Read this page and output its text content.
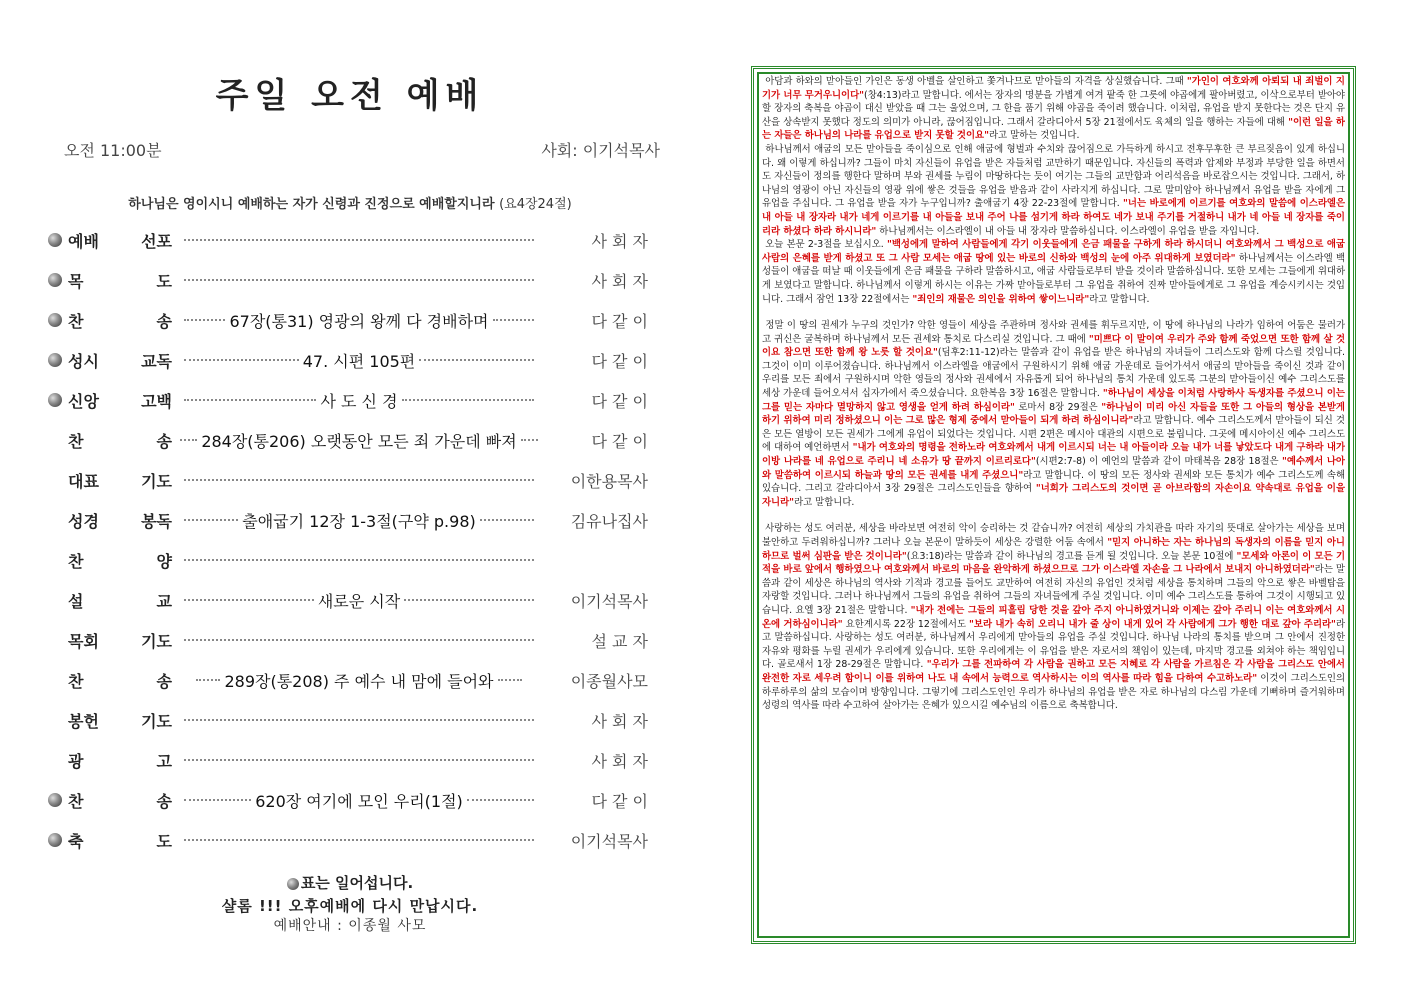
주일 오전 예배
오전 11:00분	사회: 이기석목사
하나님은 영이시니 예배하는 자가 신령과 진정으로 예배할지니라 (요4장24절)
예배	선포	사 회 자
목	도	사 회 자
찬	송	67장(통31) 영광의 왕께 다 경배하며	다 같 이
성시	교독	47. 시편 105편	다 같 이
신앙	고백	사 도 신 경	다 같 이
찬	송 284장(통206) 오랫동안 모든 죄 가운데 빠져	다 같 이
대표	기도	이한용목사
성경	봉독	출애굽기 12장 1-3절(구약 p.98)	김유나집사
찬	양
설	교	새로운 시작	이기석목사
목회	기도	설 교 자
찬	송	289장(통208) 주 예수 내 맘에 들어와	이종월사모
봉헌	기도	사 회 자
광	고	사 회 자
찬	송	620장 여기에 모인 우리(1절)	다 같 이
축	도	이기석목사
표는 일어섭니다.
샬롬 !!! 오후예배에 다시 만납시다.
예배안내 : 이종월 사모

아담과 하와의 맏아들인 가인은 동생 아벨을 살인하고 쫓겨나므로 맏아들의 자격을 상실했습니다. 그때 "가인이 여호와께 아뢰되 내 죄벌이 지기가 너무 무거우니이다"(창4:13)라고 말합니다. 에서는 장자의 명분을 가볍게 여겨 팥죽 한 그릇에 야곱에게 팔아버렸고, 이삭으로부터 받아야 할 장자의 축복을 야곱이 대신 받았을 때 그는 울었으며, 그 한을 품기 위해 야곱을 죽이려 했습니다. 이처럼, 유업을 받지 못한다는 것은 단지 유산을 상속받지 못했다 정도의 의미가 아니라, 끊어짐입니다. 그래서 갈라디아서 5장 21절에서도 육체의 일을 행하는 자들에 대해 "이런 일을 하는 자들은 하나님의 나라를 유업으로 받지 못할 것이요"라고 말하는 것입니다.

하나님께서 애굽의 모든 맏아들을 죽이심으로 인해 애굽에 형벌과 수치와 끊어짐으로 가득하게 하시고 전후무후한 큰 부르짖음이 있게 하십니다. 왜 이렇게 하십니까? 그들이 마치 자신들이 유업을 받은 자들처럼 교만하기 때문입니다. 자신들의 폭력과 압제와 부정과 부당한 일을 하면서도 자신들이 정의를 행한다 말하며 부와 권세를 누림이 마땅하다는 듯이 여기는 그들의 교만함과 어리석음을 바로잡으시는 것입니다. 그래서, 하나님의 영광이 아닌 자신들의 영광 위에 쌓은 것들을 유업을 받음과 같이 사라지게 하십니다. 그로 말미암아 하나님께서 유업을 받을 자에게 그 유업을 주십니다. 그 유업을 받을 자가 누구입니까? 출애굽기 4장 22-23절에 말합니다. "너는 바로에게 이르기를 여호와의 말씀에 이스라엘은 내 아들 내 장자라 내가 네게 이르기를 내 아들을 보내 주어 나를 섬기게 하라 하여도 네가 보내 주기를 거절하니 내가 네 아들 네 장자를 죽이리라 하셨다 하라 하시니라" 하나님께서는 이스라엘이 내 아들 내 장자라 말씀하십니다. 이스라엘이 유업을 받을 자입니다.

오늘 본문 2-3절을 보십시오. "백성에게 말하여 사람들에게 각기 이웃들에게 은금 패물을 구하게 하라 하시더니 여호와께서 그 백성으로 애굽 사람의 은혜를 받게 하셨고 또 그 사람 모세는 애굽 땅에 있는 바로의 신하와 백성의 눈에 아주 위대하게 보였더라" 하나님께서는 이스라엘 백성들이 애굽을 떠날 때 이웃들에게 은금 패물을 구하라 말씀하시고, 애굽 사람들로부터 받을 것이라 말씀하십니다. 또한 모세는 그들에게 위대하게 보였다고 말합니다. 하나님께서 이렇게 하시는 이유는 가짜 맏아들로부터 그 유업을 취하여 진짜 맏아들에게로 그 유업을 계승시키시는 것입니다. 그래서 잠언 13장 22절에서는 "죄인의 재물은 의인을 위하여 쌓이느니라"라고 말합니다.

정말 이 땅의 권세가 누구의 것인가? 악한 영들이 세상을 주관하며 정사와 권세를 휘두르지만, 이 땅에 하나님의 나라가 임하여 어둠은 물러가고 귀신은 굴복하며 하나님께서 모든 권세와 통치로 다스리실 것입니다. 그 때에 "미쁘다 이 말이여 우리가 주와 함께 죽었으면 또한 함께 살 것이요 참으면 또한 함께 왕 노릇 할 것이요"(딤후2:11-12)라는 말씀과 같이 유업을 받은 하나님의 자녀들이 그리스도와 함께 다스릴 것입니다. 그것이 이미 이루어졌습니다. 하나님께서 이스라엘을 애굽에서 구원하시기 위해 애굽 가운데로 들어가셔서 애굽의 맏아들을 죽이신 것과 같이 우리를 모든 죄에서 구원하시며 악한 영들의 정사와 권세에서 자유롭게 되어 하나님의 통치 가운데 있도록 그분의 맏아들이신 예수 그리스도를 세상 가운데 들어오셔서 십자가에서 죽으셨습니다. 요한복음 3장 16절은 말합니다. "하나님이 세상을 이처럼 사랑하사 독생자를 주셨으니 이는 그를 믿는 자마다 멸망하지 않고 영생을 얻게 하려 하심이라" 로마서 8장 29절은 "하나님이 미리 아신 자들을 또한 그 아들의 형상을 본받게 하기 위하여 미리 정하셨으니 이는 그로 많은 형제 중에서 맏아들이 되게 하려 하심이니라"라고 말합니다. 예수 그리스도께서 맏아들이 되신 것은 모든 열방이 모든 권세가 그에게 유업이 되었다는 것입니다. 시편 2편은 메시아 대관의 시편으로 불립니다. 그곳에 메시아이신 예수 그리스도에 대하여 예언하면서 "내가 여호와의 명령을 전하노라 여호와께서 내게 이르시되 너는 내 아들이라 오늘 내가 너를 낳았도다 내게 구하라 내가 이방 나라를 네 유업으로 주리니 네 소유가 땅 끝까지 이르리로다"(시편2:7-8) 이 예언의 말씀과 같이 마태복음 28장 18절은 "예수께서 나아와 말씀하여 이르시되 하늘과 땅의 모든 권세를 내게 주셨으니"라고 말합니다. 이 땅의 모든 정사와 권세와 모든 통치가 예수 그리스도께 속해 있습니다. 그리고 갈라디아서 3장 29절은 그리스도인들을 향하여 "너희가 그리스도의 것이면 곧 아브라함의 자손이요 약속대로 유업을 이을 자니라"라고 말합니다.

사랑하는 성도 여러분, 세상을 바라보면 여전히 악이 승리하는 것 같습니까? 여전히 세상의 가치관을 따라 자기의 뜻대로 살아가는 세상을 보며 불안하고 두려워하십니까? 그러나 오늘 본문이 말하듯이 세상은 강렬한 어둠 속에서 "믿지 아니하는 자는 하나님의 독생자의 이름을 믿지 아니하므로 벌써 심판을 받은 것이니라"(요3:18)라는 말씀과 같이 하나님의 경고를 듣게 될 것입니다. 오늘 본문 10절에 "모세와 아론이 이 모든 기적을 바로 앞에서 행하였으나 여호와께서 바로의 마음을 완악하게 하셨으므로 그가 이스라엘 자손을 그 나라에서 보내지 아니하였더라"라는 말씀과 같이 세상은 하나님의 역사와 기적과 경고를 들어도 교만하여 여전히 자신의 유업인 것처럼 세상을 통치하며 그들의 악으로 쌓은 바벨탑을 자랑할 것입니다. 그러나 하나님께서 그들의 유업을 취하여 그들의 자녀들에게 주실 것입니다. 이미 예수 그리스도를 통하여 그것이 시행되고 있습니다. 요엘 3장 21절은 말합니다. "내가 전에는 그들의 피흘림 당한 것을 갚아 주지 아니하였거니와 이제는 갚아 주리니 이는 여호와께서 시온에 거하심이니라" 요한계시록 22장 12절에서도 "보라 내가 속히 오리니 내가 줄 상이 내게 있어 각 사람에게 그가 행한 대로 갚아 주리라"라고 말씀하십니다. 사랑하는 성도 여러분, 하나님께서 우리에게 맏아들의 유업을 주실 것입니다. 하나님 나라의 통치를 받으며 그 안에서 진정한 자유와 평화를 누릴 권세가 우리에게 있습니다. 또한 우리에게는 이 유업을 받은 자로서의 책임이 있는데, 마지막 경고를 외쳐야 하는 책임입니다. 골로새서 1장 28-29절은 말합니다. "우리가 그를 전파하여 각 사람을 권하고 모든 지혜로 각 사람을 가르침은 각 사람을 그리스도 안에서 완전한 자로 세우려 함이니 이를 위하여 나도 내 속에서 능력으로 역사하시는 이의 역사를 따라 힘을 다하여 수고하노라" 이것이 그리스도인의 하루하루의 삶의 모습이며 방향입니다. 그렇기에 그리스도인인 우리가 하나님의 유업을 받은 자로 하나님의 다스림 가운데 기뻐하며 즐거워하며 성령의 역사를 따라 수고하여 살아가는 은혜가 있으시길 예수님의 이름으로 축복합니다.
